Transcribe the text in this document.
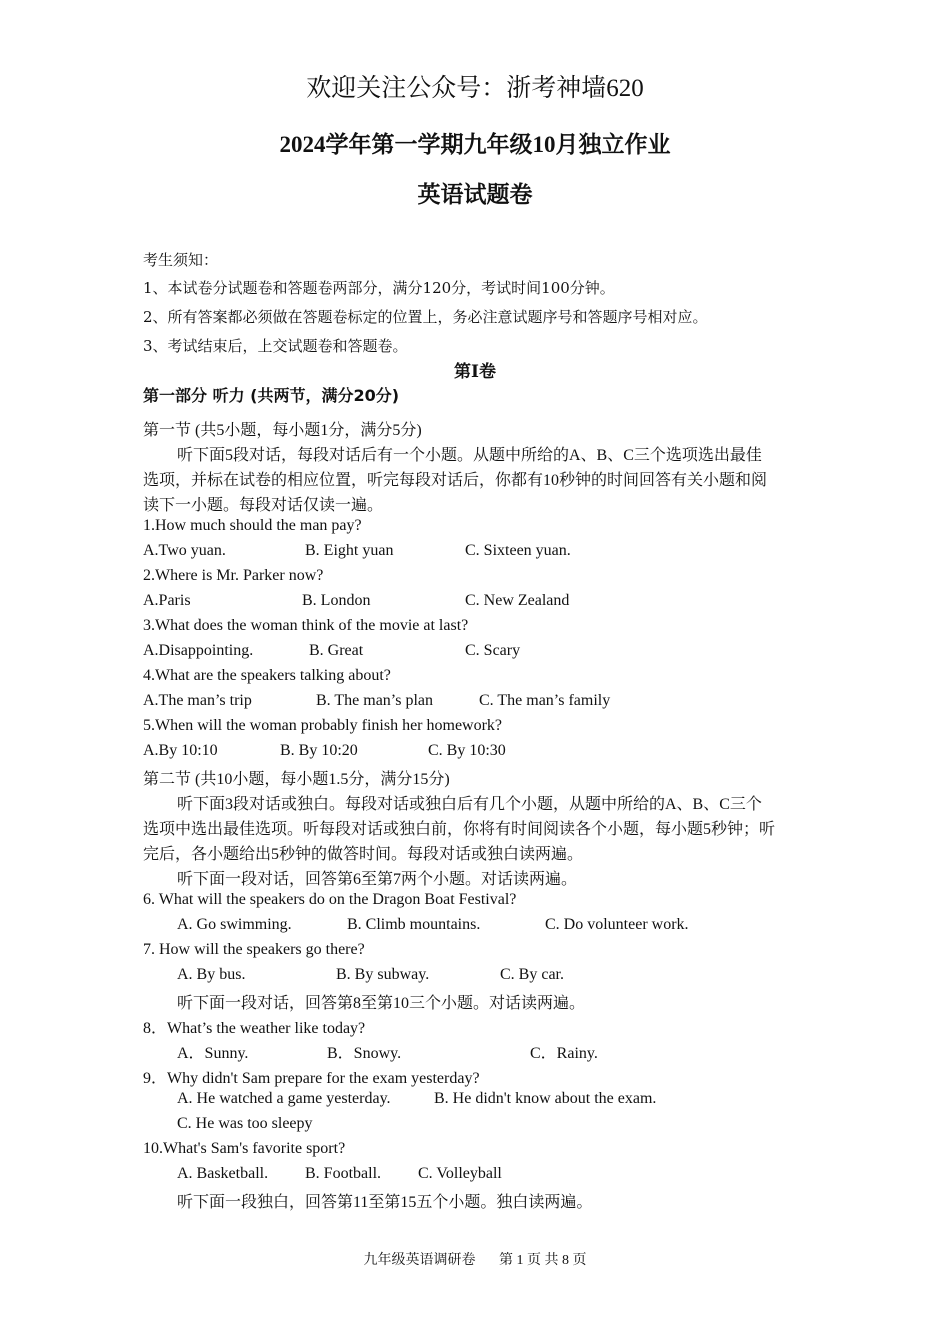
欢迎关注公众号：浙考神墙620
2024学年第一学期九年级10月独立作业
英语试题卷
考生须知：
1、本试卷分试题卷和答题卷两部分，满分120分，考试时间100分钟。
2、所有答案都必须做在答题卷标定的位置上，务必注意试题序号和答题序号相对应。
3、考试结束后，上交试题卷和答题卷。
第Ⅰ卷
第一部分 听力 (共两节，满分20分)
第一节 (共5小题，每小题1分，满分5分)
听下面5段对话，每段对话后有一个小题。从题中所给的A、B、C三个选项选出最佳
选项，并标在试卷的相应位置，听完每段对话后，你都有10秒钟的时间回答有关小题和阅
读下一小题。每段对话仅读一遍。
1.How much should the man pay?
A.Two yuan.	B. Eight yuan	C. Sixteen yuan.
2.Where is Mr. Parker now?
A.Paris	B. London	C. New Zealand
3.What does the woman think of the movie at last?
A.Disappointing.	B. Great	C. Scary
4.What are the speakers talking about?
A.The man’s trip	B. The man’s plan	C. The man’s family
5.When will the woman probably finish her homework?
A.By 10:10	B. By 10:20	C. By 10:30
第二节 (共10小题，每小题1.5分，满分15分)
听下面3段对话或独白。每段对话或独白后有几个小题，从题中所给的A、B、C三个
选项中选出最佳选项。听每段对话或独白前，你将有时间阅读各个小题，每小题5秒钟；听
完后，各小题给出5秒钟的做答时间。每段对话或独白读两遍。
听下面一段对话，回答第6至第7两个小题。对话读两遍。
6. What will the speakers do on the Dragon Boat Festival?
A. Go swimming.	B. Climb mountains.	C. Do volunteer work.
7. How will the speakers go there?
A. By bus.	B. By subway.	C. By car.
听下面一段对话，回答第8至第10三个小题。对话读两遍。
8．What’s the weather like today?
A．Sunny.	B．Snowy.	C．Rainy.
9．Why didn't Sam prepare for the exam yesterday?
A. He watched a game yesterday.	B. He didn't know about the exam.
C. He was too sleepy
10.What's Sam's favorite sport?
A. Basketball. B. Football. C. Volleyball
听下面一段独白，回答第11至第15五个小题。独白读两遍。
九年级英语调研卷 第 1 页 共 8 页
